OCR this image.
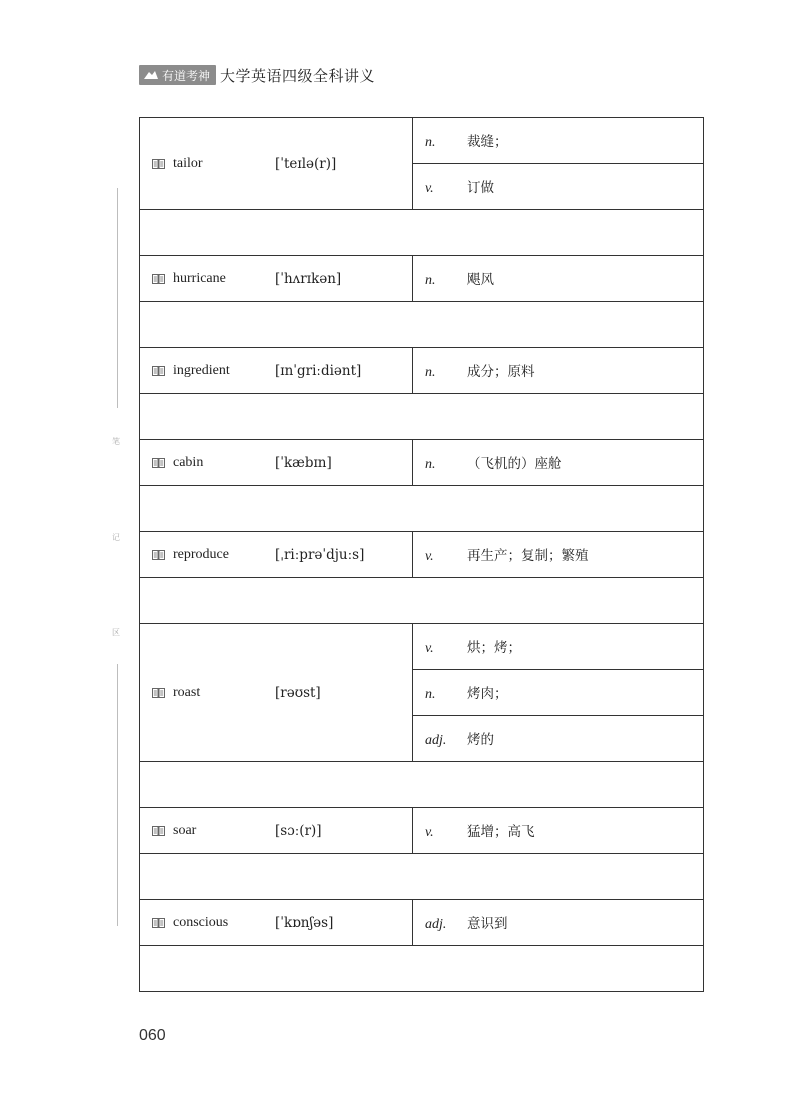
有道考神 大学英语四级全科讲义
笔
记
区
tailor [ˈteɪlə(r)]	n. 裁缝；
	v. 订做

hurricane [ˈhʌrɪkən]	n. 飓风

ingredient [ɪnˈgriːdiənt]	n. 成分；原料

cabin [ˈkæbɪn]	n. （飞机的）座舱

reproduce [ˌriːprəˈdjuːs]	v. 再生产；复制；繁殖

roast [rəʊst]	v. 烘；烤；
	n. 烤肉；
	adj. 烤的

soar [sɔː(r)]	v. 猛增；高飞

conscious [ˈkɒnʃəs]	adj. 意识到

060
